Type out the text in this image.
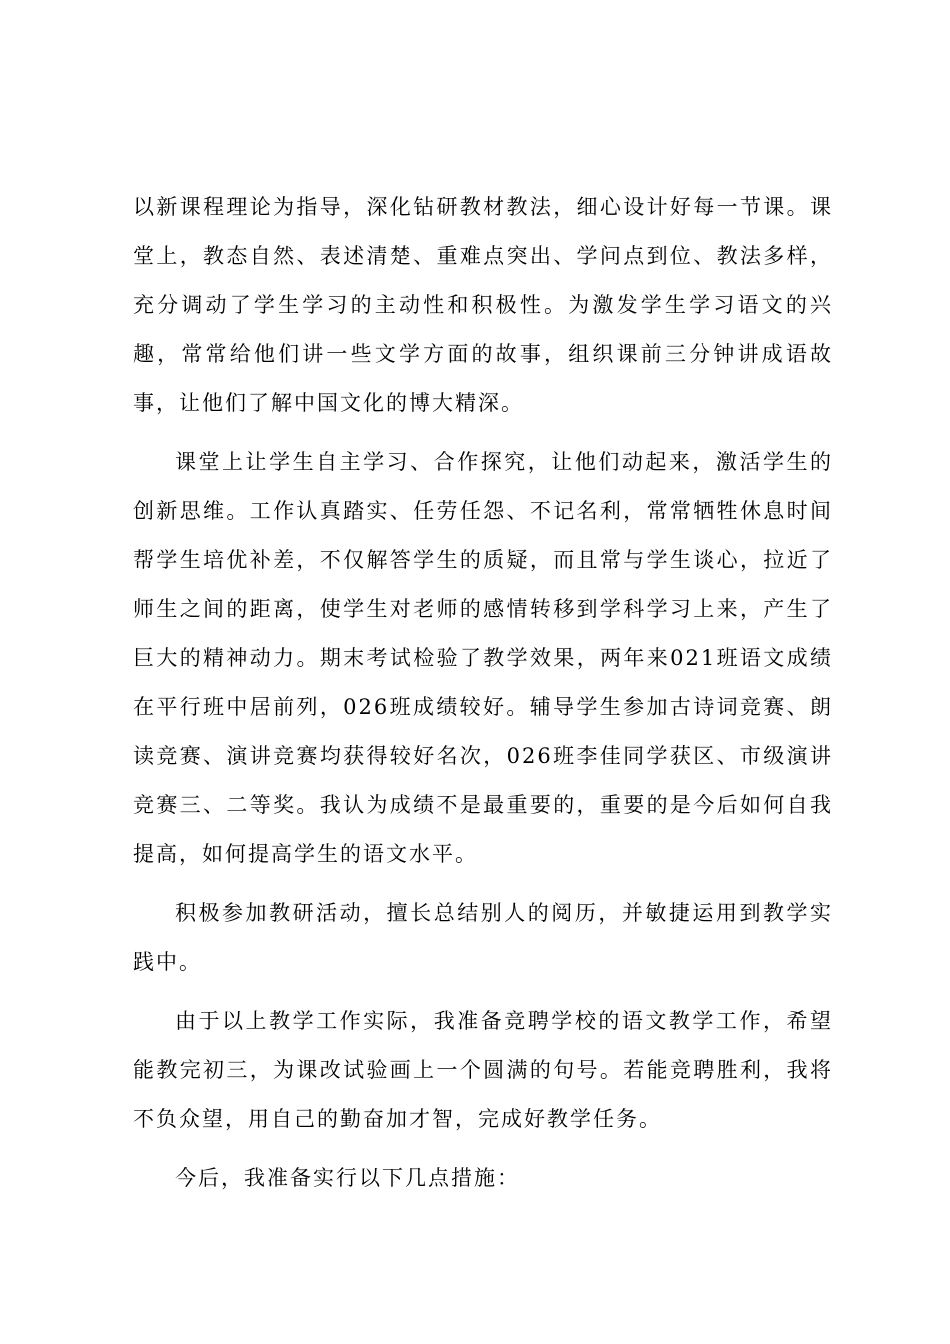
以新课程理论为指导，深化钻研教材教法，细心设计好每一节课。课堂上，教态自然、表述清楚、重难点突出、学问点到位、教法多样，充分调动了学生学习的主动性和积极性。为激发学生学习语文的兴趣，常常给他们讲一些文学方面的故事，组织课前三分钟讲成语故事，让他们了解中国文化的博大精深。

课堂上让学生自主学习、合作探究，让他们动起来，激活学生的创新思维。工作认真踏实、任劳任怨、不记名利，常常牺牲休息时间帮学生培优补差，不仅解答学生的质疑，而且常与学生谈心，拉近了师生之间的距离，使学生对老师的感情转移到学科学习上来，产生了巨大的精神动力。期末考试检验了教学效果，两年来021班语文成绩在平行班中居前列，026班成绩较好。辅导学生参加古诗词竞赛、朗读竞赛、演讲竞赛均获得较好名次，026班李佳同学获区、市级演讲竞赛三、二等奖。我认为成绩不是最重要的，重要的是今后如何自我提高，如何提高学生的语文水平。

积极参加教研活动，擅长总结别人的阅历，并敏捷运用到教学实践中。

由于以上教学工作实际，我准备竞聘学校的语文教学工作，希望能教完初三，为课改试验画上一个圆满的句号。若能竞聘胜利，我将不负众望，用自己的勤奋加才智，完成好教学任务。

今后，我准备实行以下几点措施：
